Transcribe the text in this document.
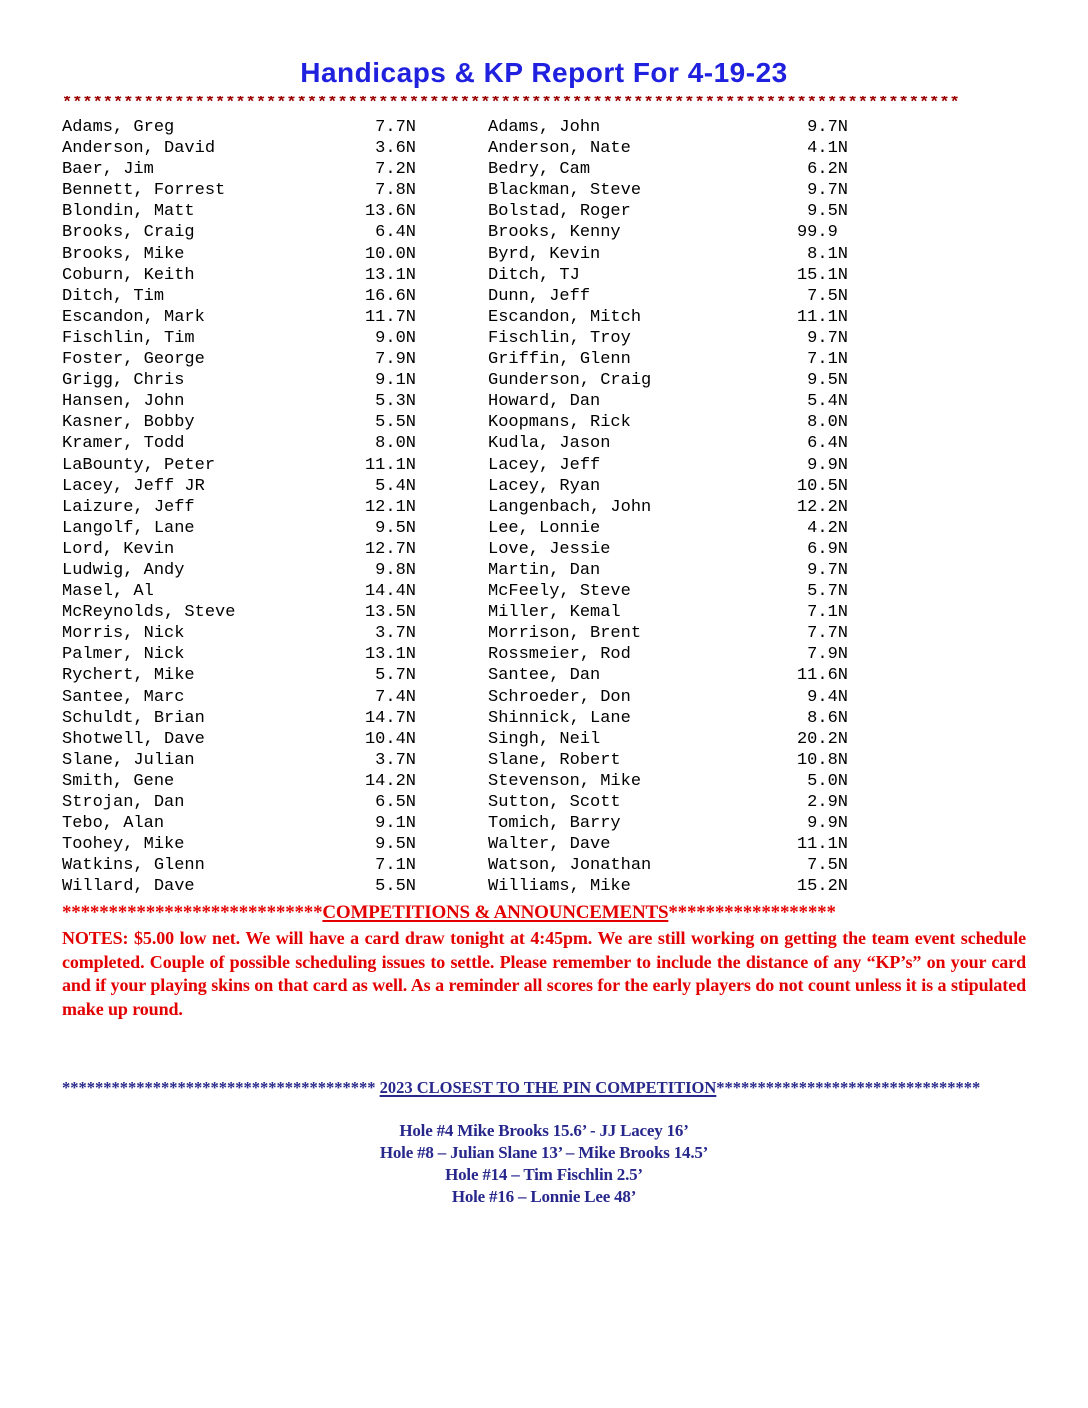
Handicaps & KP Report For 4-19-23
****************************************************************************************
Adams, Greg	7.7N
Anderson, David	3.6N
Baer, Jim	7.2N
Bennett, Forrest	7.8N
Blondin, Matt	13.6N
Brooks, Craig	6.4N
Brooks, Mike	10.0N
Coburn, Keith	13.1N
Ditch, Tim	16.6N
Escandon, Mark	11.7N
Fischlin, Tim	9.0N
Foster, George	7.9N
Grigg, Chris	9.1N
Hansen, John	5.3N
Kasner, Bobby	5.5N
Kramer, Todd	8.0N
LaBounty, Peter	11.1N
Lacey, Jeff JR	5.4N
Laizure, Jeff	12.1N
Langolf, Lane	9.5N
Lord, Kevin	12.7N
Ludwig, Andy	9.8N
Masel, Al	14.4N
McReynolds, Steve	13.5N
Morris, Nick	3.7N
Palmer, Nick	13.1N
Rychert, Mike	5.7N
Santee, Marc	7.4N
Schuldt, Brian	14.7N
Shotwell, Dave	10.4N
Slane, Julian	3.7N
Smith, Gene	14.2N
Strojan, Dan	6.5N
Tebo, Alan	9.1N
Toohey, Mike	9.5N
Watkins, Glenn	7.1N
Willard, Dave	5.5N
Adams, John	9.7N
Anderson, Nate	4.1N
Bedry, Cam	6.2N
Blackman, Steve	9.7N
Bolstad, Roger	9.5N
Brooks, Kenny	99.9
Byrd, Kevin	8.1N
Ditch, TJ	15.1N
Dunn, Jeff	7.5N
Escandon, Mitch	11.1N
Fischlin, Troy	9.7N
Griffin, Glenn	7.1N
Gunderson, Craig	9.5N
Howard, Dan	5.4N
Koopmans, Rick	8.0N
Kudla, Jason	6.4N
Lacey, Jeff	9.9N
Lacey, Ryan	10.5N
Langenbach, John	12.2N
Lee, Lonnie	4.2N
Love, Jessie	6.9N
Martin, Dan	9.7N
McFeely, Steve	5.7N
Miller, Kemal	7.1N
Morrison, Brent	7.7N
Rossmeier, Rod	7.9N
Santee, Dan	11.6N
Schroeder, Don	9.4N
Shinnick, Lane	8.6N
Singh, Neil	20.2N
Slane, Robert	10.8N
Stevenson, Mike	5.0N
Sutton, Scott	2.9N
Tomich, Barry	9.9N
Walter, Dave	11.1N
Watson, Jonathan	7.5N
Williams, Mike	15.2N
****************************COMPETITIONS & ANNOUNCEMENTS******************
NOTES: $5.00 low net. We will have a card draw tonight at 4:45pm. We are still working on getting the team event schedule completed. Couple of possible scheduling issues to settle. Please remember to include the distance of any “KP’s” on your card and if your playing skins on that card as well. As a reminder all scores for the early players do not count unless it is a stipulated make up round.
************************************** 2023 CLOSEST TO THE PIN COMPETITION********************************
Hole #4 Mike Brooks 15.6’ - JJ Lacey 16’
Hole #8 – Julian Slane 13’ – Mike Brooks 14.5’
Hole #14 – Tim Fischlin 2.5’
Hole #16 – Lonnie Lee 48’
